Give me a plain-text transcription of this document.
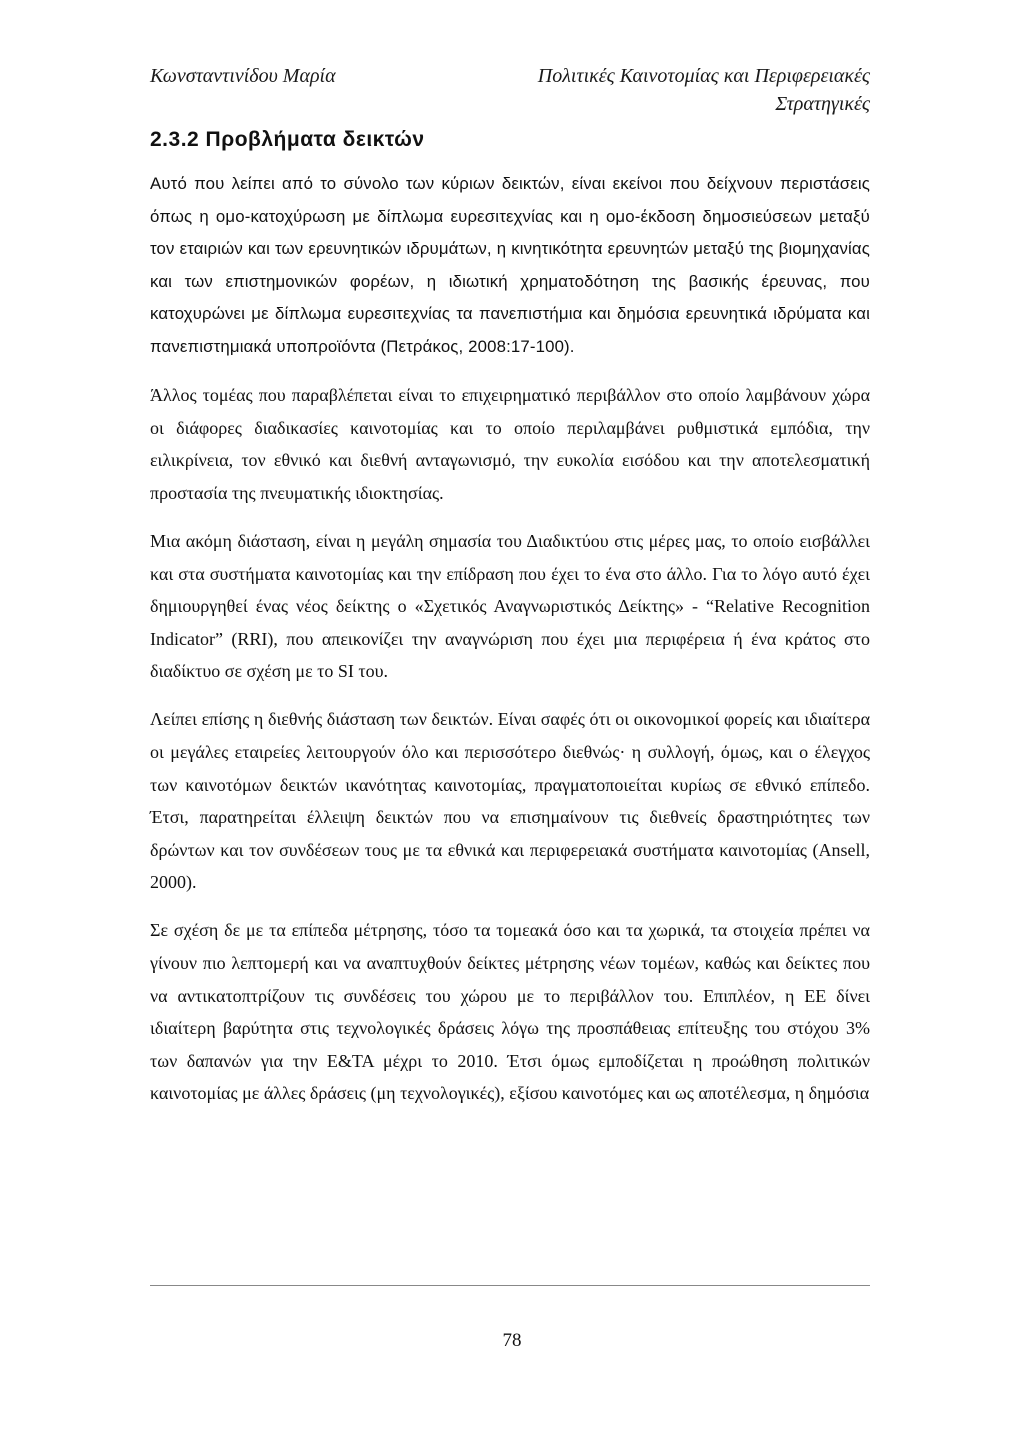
Κωνσταντινίδου Μαρία	Πολιτικές Καινοτομίας και Περιφερειακές
Στρατηγικές
2.3.2 Προβλήματα δεικτών

Αυτό που λείπει από το σύνολο των κύριων δεικτών, είναι εκείνοι που δείχνουν περιστάσεις όπως η ομο-κατοχύρωση με δίπλωμα ευρεσιτεχνίας και η ομο-έκδοση δημοσιεύσεων μεταξύ τον εταιριών και των ερευνητικών ιδρυμάτων, η κινητικότητα ερευνητών μεταξύ της βιομηχανίας και των επιστημονικών φορέων, η ιδιωτική χρηματοδότηση της βασικής έρευνας, που κατοχυρώνει με δίπλωμα ευρεσιτεχνίας τα πανεπιστήμια και δημόσια ερευνητικά ιδρύματα και πανεπιστημιακά υποπροϊόντα (Πετράκος, 2008:17-100).

Άλλος τομέας που παραβλέπεται είναι το επιχειρηματικό περιβάλλον στο οποίο λαμβάνουν χώρα οι διάφορες διαδικασίες καινοτομίας και το οποίο περιλαμβάνει ρυθμιστικά εμπόδια, την ειλικρίνεια, τον εθνικό και διεθνή ανταγωνισμό, την ευκολία εισόδου και την αποτελεσματική προστασία της πνευματικής ιδιοκτησίας.

Μια ακόμη διάσταση, είναι η μεγάλη σημασία του Διαδικτύου στις μέρες μας, το οποίο εισβάλλει και στα συστήματα καινοτομίας και την επίδραση που έχει το ένα στο άλλο. Για το λόγο αυτό έχει δημιουργηθεί ένας νέος δείκτης ο «Σχετικός Αναγνωριστικός Δείκτης» - “Relative Recognition Indicator” (RRI), που απεικονίζει την αναγνώριση που έχει μια περιφέρεια ή ένα κράτος στο διαδίκτυο σε σχέση με το SI του.

Λείπει επίσης η διεθνής διάσταση των δεικτών. Είναι σαφές ότι οι οικονομικοί φορείς και ιδιαίτερα οι μεγάλες εταιρείες λειτουργούν όλο και περισσότερο διεθνώς· η συλλογή, όμως, και ο έλεγχος των καινοτόμων δεικτών ικανότητας καινοτομίας, πραγματοποιείται κυρίως σε εθνικό επίπεδο. Έτσι, παρατηρείται έλλειψη δεικτών που να επισημαίνουν τις διεθνείς δραστηριότητες των δρώντων και τον συνδέσεων τους με τα εθνικά και περιφερειακά συστήματα καινοτομίας (Ansell, 2000).

Σε σχέση δε με τα επίπεδα μέτρησης, τόσο τα τομεακά όσο και τα χωρικά, τα στοιχεία πρέπει να γίνουν πιο λεπτομερή και να αναπτυχθούν δείκτες μέτρησης νέων τομέων, καθώς και δείκτες που να αντικατοπτρίζουν τις συνδέσεις του χώρου με το περιβάλλον του. Επιπλέον, η ΕΕ δίνει ιδιαίτερη βαρύτητα στις τεχνολογικές δράσεις λόγω της προσπάθειας επίτευξης του στόχου 3% των δαπανών για την Ε&ΤΑ μέχρι το 2010. Έτσι όμως εμποδίζεται η προώθηση πολιτικών καινοτομίας με άλλες δράσεις (μη τεχνολογικές), εξίσου καινοτόμες και ως αποτέλεσμα, η δημόσια

78
